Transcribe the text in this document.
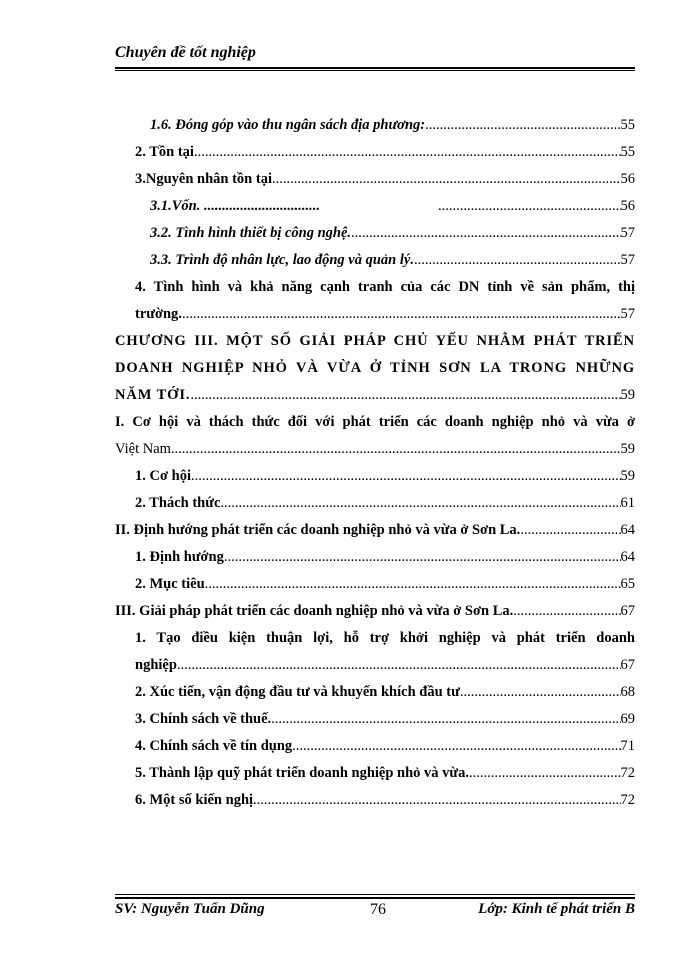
Chuyên đề tốt nghiệp
1.6. Đóng góp vào thu ngân sách địa phương: .....	55
2. Tồn tại .....	55
3.Nguyên nhân tồn tại .....	56
3.1.Vốn. ................................	............................... .....	56
3.2. Tình hình thiết bị công nghệ. .....	57
3.3. Trình độ nhân lực, lao động và quản lý. .....	57
4. Tình hình và khả năng cạnh tranh của các DN tỉnh về sản phẩm, thị
trường. .....	57
CHƯƠNG III. MỘT SỐ GIẢI PHÁP CHỦ YẾU NHẰM PHÁT TRIỂN
DOANH NGHIỆP NHỎ VÀ VỪA Ở TỈNH SƠN LA TRONG NHỮNG
NĂM TỚI. .....	59
I. Cơ hội và thách thức đối với phát triển các doanh nghiệp nhỏ và vừa ở
Việt Nam. .....	59
1. Cơ hội .....	59
2. Thách thức .....	61
II. Định hướng phát triển các doanh nghiệp nhỏ và vừa ở Sơn La. .....	64
1. Định hướng .....	64
2. Mục tiêu .....	65
III. Giải pháp phát triển các doanh nghiệp nhỏ và vừa ở Sơn La. .....	67
1. Tạo điều kiện thuận lợi, hỗ trợ khởi nghiệp và phát triển doanh
nghiệp .....	67
2. Xúc tiến, vận động đầu tư và khuyến khích đầu tư .....	68
3. Chính sách về thuế. .....	69
4. Chính sách về tín dụng .....	71
5. Thành lập quỹ phát triển doanh nghiệp nhỏ và vừa. .....	72
6. Một số kiến nghị .....	72
SV: Nguyễn Tuấn Dũng	76	Lớp: Kinh tế phát triển B
